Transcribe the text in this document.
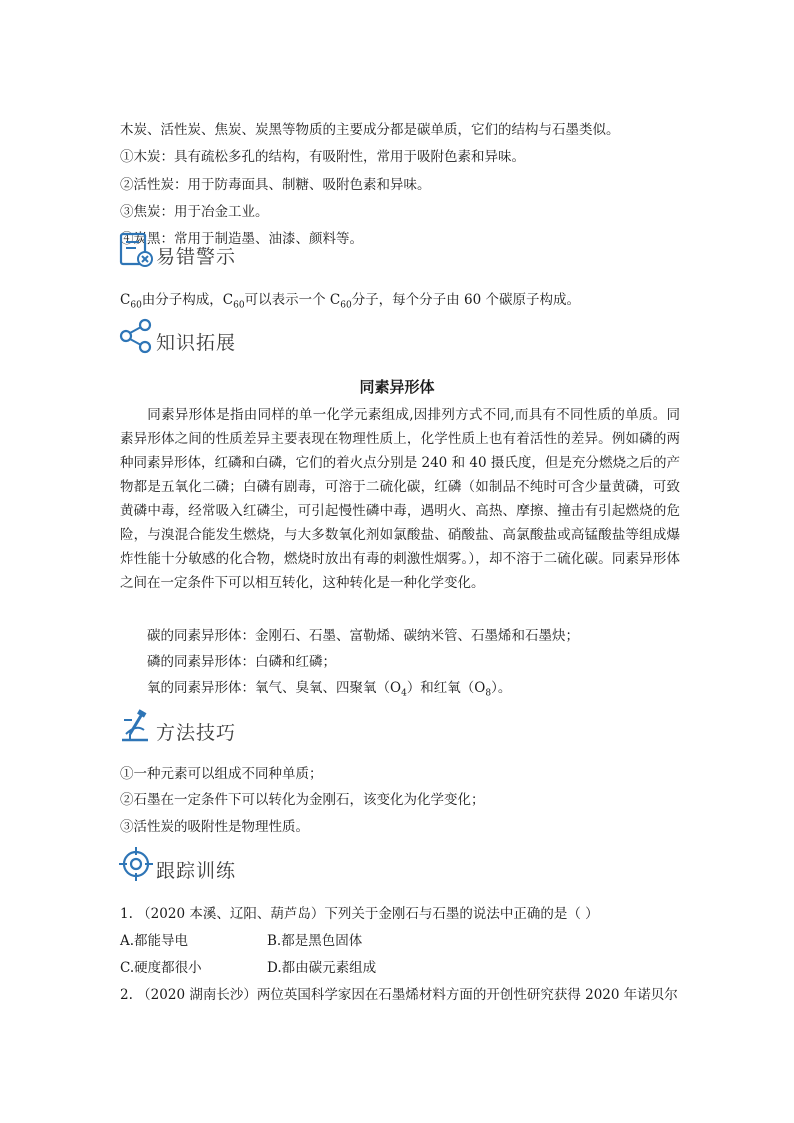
木炭、活性炭、焦炭、炭黑等物质的主要成分都是碳单质，它们的结构与石墨类似。
①木炭：具有疏松多孔的结构，有吸附性，常用于吸附色素和异味。
②活性炭：用于防毒面具、制糖、吸附色素和异味。
③焦炭：用于冶金工业。
④炭黑：常用于制造墨、油漆、颜料等。
易错警示
$C_{60}$由分子构成，$C_{60}$可以表示一个 $C_{60}$分子，每个分子由 60 个碳原子构成。
知识拓展
同素异形体
同素异形体是指由同样的单一化学元素组成,因排列方式不同,而具有不同性质的单质。同素异形体之间的性质差异主要表现在物理性质上，化学性质上也有着活性的差异。例如磷的两种同素异形体，红磷和白磷，它们的着火点分别是 240 和 40 摄氏度，但是充分燃烧之后的产物都是五氧化二磷；白磷有剧毒，可溶于二硫化碳，红磷（如制品不纯时可含少量黄磷，可致黄磷中毒，经常吸入红磷尘，可引起慢性磷中毒，遇明火、高热、摩擦、撞击有引起燃烧的危险，与溴混合能发生燃烧，与大多数氧化剂如氯酸盐、硝酸盐、高氯酸盐或高锰酸盐等组成爆炸性能十分敏感的化合物，燃烧时放出有毒的刺激性烟雾。），却不溶于二硫化碳。同素异形体之间在一定条件下可以相互转化，这种转化是一种化学变化。
碳的同素异形体：金刚石、石墨、富勒烯、碳纳米管、石墨烯和石墨炔；
磷的同素异形体：白磷和红磷；
氧的同素异形体：氧气、臭氧、四聚氧$(O_4)$和红氧$(O_8)$。
方法技巧
①一种元素可以组成不同种单质；
②石墨在一定条件下可以转化为金刚石，该变化为化学变化；
③活性炭的吸附性是物理性质。
跟踪训练
1. （2020 本溪、辽阳、葫芦岛）下列关于金刚石与石墨的说法中正确的是（ ）
A.都能导电	B.都是黑色固体
C.硬度都很小	D.都由碳元素组成
2. （2020 湖南长沙）两位英国科学家因在石墨烯材料方面的开创性研究获得 2020 年诺贝尔
